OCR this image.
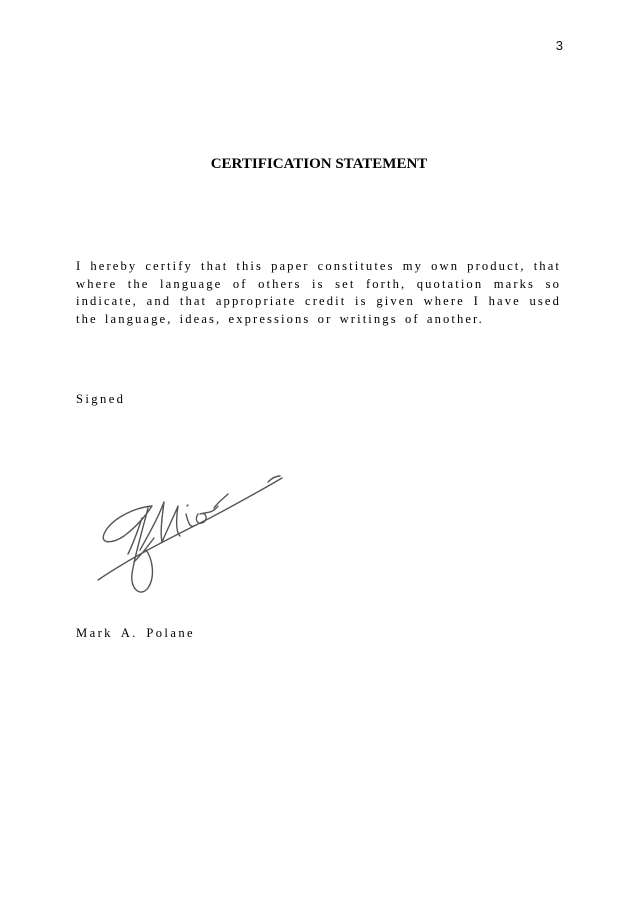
3
CERTIFICATION STATEMENT

I hereby certify that this paper constitutes my own product, that where the language of others is set forth, quotation marks so indicate, and that appropriate credit is given where I have used the language, ideas, expressions or writings of another.

Signed
Mark A. Polane
